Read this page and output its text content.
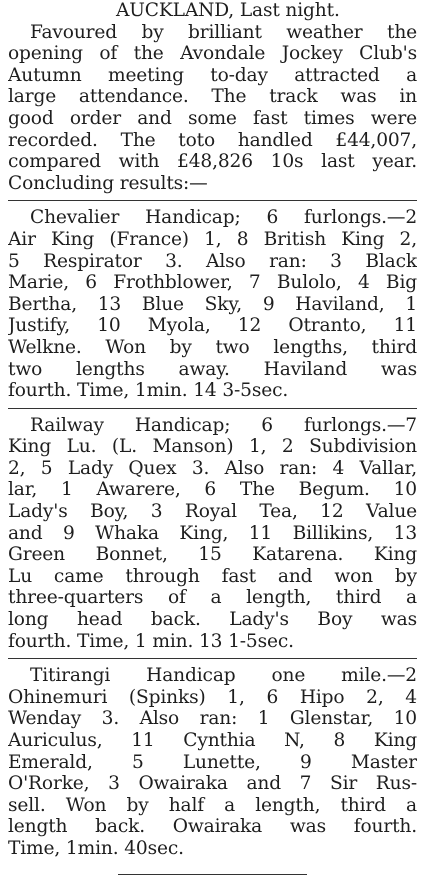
AUCKLAND, Last night.
Favoured by brilliant weather the
opening of the Avondale Jockey Club's
Autumn meeting to-day attracted a
large attendance. The track was in
good order and some fast times were
recorded. The toto handled £44,007,
compared with £48,826 10s last year.
Concluding results:—
Chevalier Handicap; 6 furlongs.—2
Air King (France) 1, 8 British King 2,
5 Respirator 3. Also ran: 3 Black
Marie, 6 Frothblower, 7 Bulolo, 4 Big
Bertha, 13 Blue Sky, 9 Haviland, 1
Justify, 10 Myola, 12 Otranto, 11
Welkne. Won by two lengths, third
two lengths away. Haviland was
fourth. Time, 1min. 14 3-5sec.
Railway Handicap; 6 furlongs.—7
King Lu. (L. Manson) 1, 2 Subdivision
2, 5 Lady Quex 3. Also ran: 4 Vallar,
lar, 1 Awarere, 6 The Begum. 10
Lady's Boy, 3 Royal Tea, 12 Value
and 9 Whaka King, 11 Billikins, 13
Green Bonnet, 15 Katarena. King
Lu came through fast and won by
three-quarters of a length, third a
long head back. Lady's Boy was
fourth. Time, 1 min. 13 1-5sec.
Titirangi Handicap one mile.—2
Ohinemuri (Spinks) 1, 6 Hipo 2, 4
Wenday 3. Also ran: 1 Glenstar, 10
Auriculus, 11 Cynthia N, 8 King
Emerald, 5 Lunette, 9 Master
O'Rorke, 3 Owairaka and 7 Sir Rus-
sell. Won by half a length, third a
length back. Owairaka was fourth.
Time, 1min. 40sec.
